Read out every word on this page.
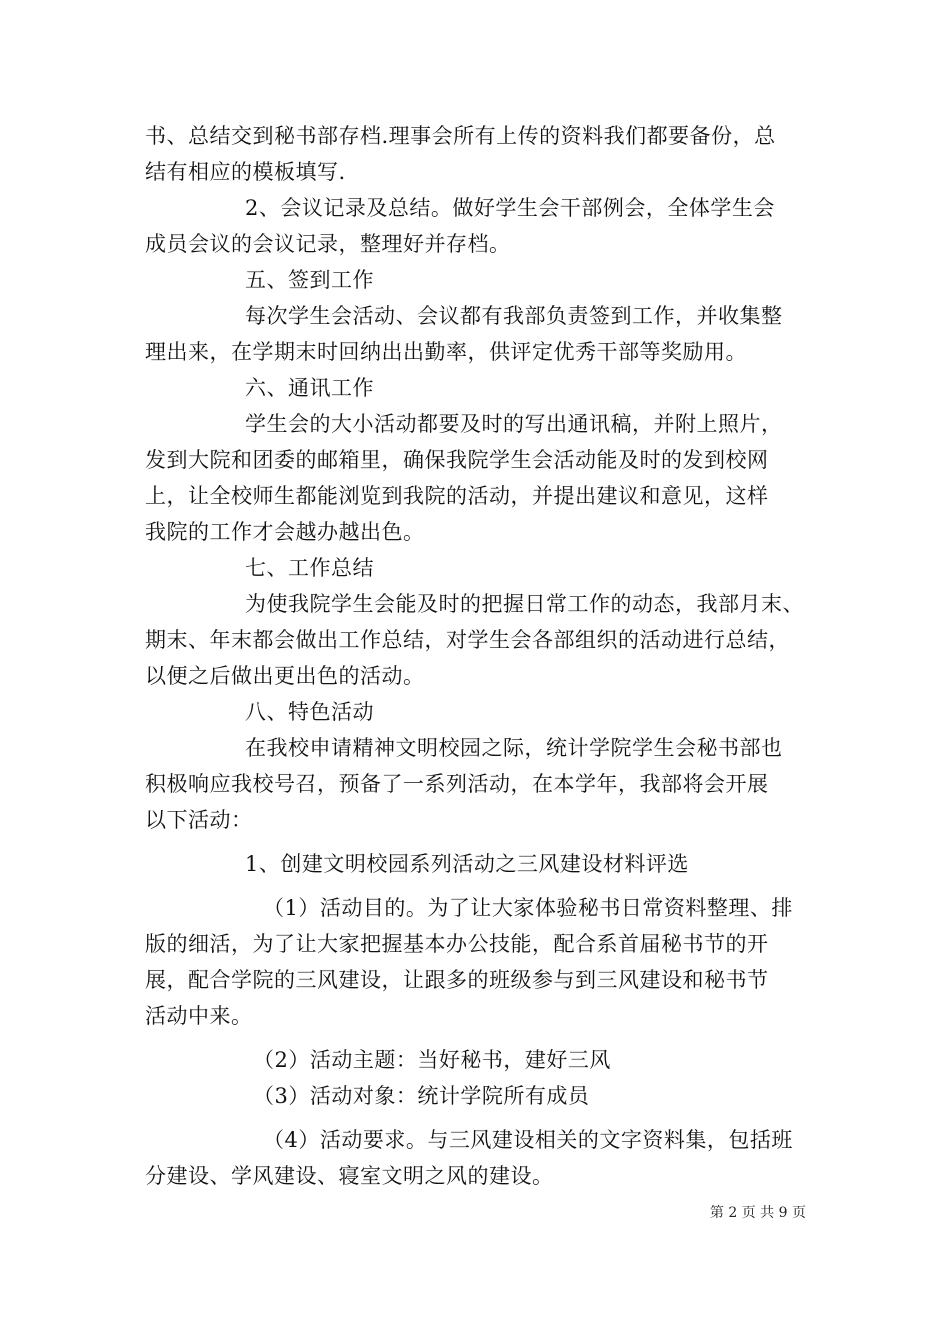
书、总结交到秘书部存档.理事会所有上传的资料我们都要备份，总
结有相应的模板填写.
2、会议记录及总结。做好学生会干部例会，全体学生会
成员会议的会议记录，整理好并存档。
五、签到工作
每次学生会活动、会议都有我部负责签到工作，并收集整
理出来，在学期末时回纳出出勤率，供评定优秀干部等奖励用。
六、通讯工作
学生会的大小活动都要及时的写出通讯稿，并附上照片，
发到大院和团委的邮箱里，确保我院学生会活动能及时的发到校网
上，让全校师生都能浏览到我院的活动，并提出建议和意见，这样
我院的工作才会越办越出色。
七、工作总结
为使我院学生会能及时的把握日常工作的动态，我部月末、
期末、年末都会做出工作总结，对学生会各部组织的活动进行总结，
以便之后做出更出色的活动。
八、特色活动
在我校申请精神文明校园之际，统计学院学生会秘书部也
积极响应我校号召，预备了一系列活动，在本学年，我部将会开展
以下活动：
1、创建文明校园系列活动之三风建设材料评选
（1）活动目的。为了让大家体验秘书日常资料整理、排
版的细活，为了让大家把握基本办公技能，配合系首届秘书节的开
展，配合学院的三风建设，让跟多的班级参与到三风建设和秘书节
活动中来。
（2）活动主题：当好秘书，建好三风
（3）活动对象：统计学院所有成员
（4）活动要求。与三风建设相关的文字资料集，包括班
分建设、学风建设、寝室文明之风的建设。
第 2 页 共 9 页
